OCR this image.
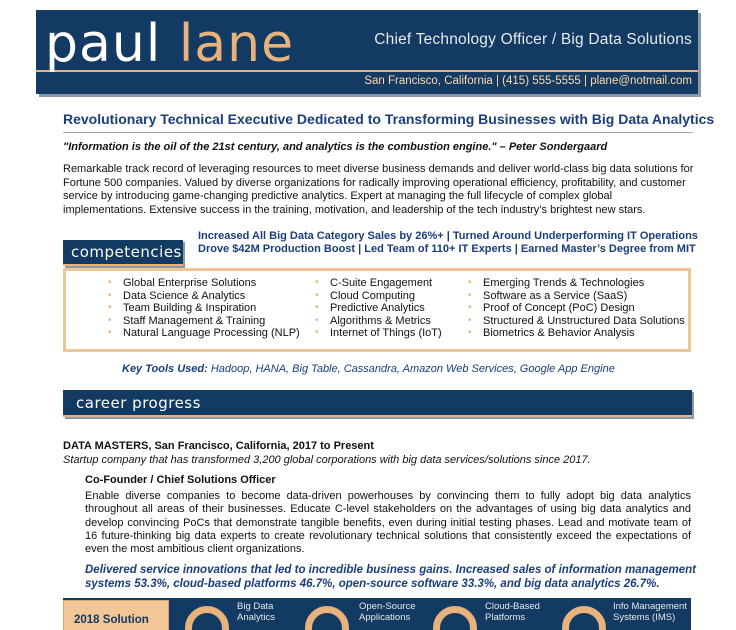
paul lane	Chief Technology Officer / Big Data Solutions
San Francisco, California | (415) 555-5555 | plane@notmail.com
Revolutionary Technical Executive Dedicated to Transforming Businesses with Big Data Analytics
"Information is the oil of the 21st century, and analytics is the combustion engine." – Peter Sondergaard
Remarkable track record of leveraging resources to meet diverse business demands and deliver world-class big data solutions for Fortune 500 companies. Valued by diverse organizations for radically improving operational efficiency, profitability, and customer service by introducing game-changing predictive analytics. Expert at managing the full lifecycle of complex global implementations. Extensive success in the training, motivation, and leadership of the tech industry’s brightest new stars.
Increased All Big Data Category Sales by 26%+ | Turned Around Underperforming IT Operations
Drove $42M Production Boost | Led Team of 110+ IT Experts | Earned Master’s Degree from MIT
competencies
• Global Enterprise Solutions
• Data Science & Analytics
• Team Building & Inspiration
• Staff Management & Training
• Natural Language Processing (NLP)
• C-Suite Engagement
• Cloud Computing
• Predictive Analytics
• Algorithms & Metrics
• Internet of Things (IoT)
• Emerging Trends & Technologies
• Software as a Service (SaaS)
• Proof of Concept (PoC) Design
• Structured & Unstructured Data Solutions
• Biometrics & Behavior Analysis
Key Tools Used: Hadoop, HANA, Big Table, Cassandra, Amazon Web Services, Google App Engine
career progress
DATA MASTERS, San Francisco, California, 2017 to Present
Startup company that has transformed 3,200 global corporations with big data services/solutions since 2017.
Co-Founder / Chief Solutions Officer
Enable diverse companies to become data-driven powerhouses by convincing them to fully adopt big data analytics throughout all areas of their businesses. Educate C-level stakeholders on the advantages of using big data analytics and develop convincing PoCs that demonstrate tangible benefits, even during initial testing phases. Lead and motivate team of 16 future-thinking big data experts to create revolutionary technical solutions that consistently exceed the expectations of even the most ambitious client organizations.
Delivered service innovations that led to incredible business gains. Increased sales of information management systems 53.3%, cloud-based platforms 46.7%, open-source software 33.3%, and big data analytics 26.7%.
2018 Solution
Big Data
Analytics
Open-Source
Applications
Cloud-Based
Platforms
Info Management
Systems (IMS)
